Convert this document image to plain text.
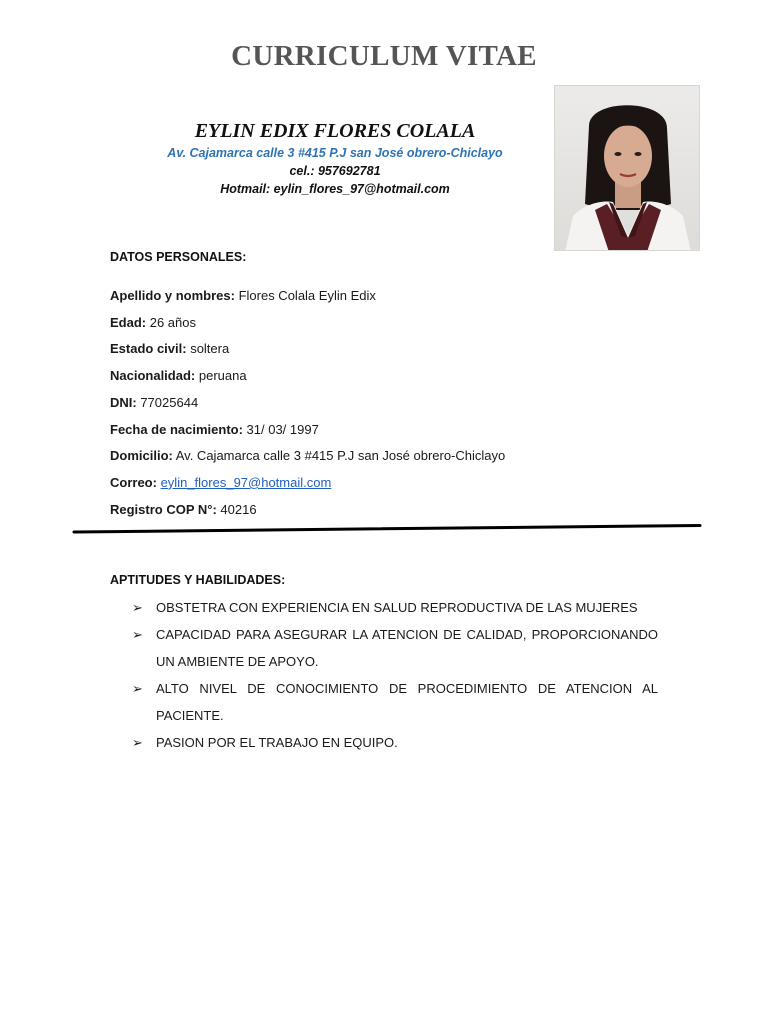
CURRICULUM VITAE
EYLIN EDIX FLORES COLALA
Av. Cajamarca calle 3 #415 P.J san José obrero-Chiclayo
cel.: 957692781
Hotmail: eylin_flores_97@hotmail.com
DATOS PERSONALES:
Apellido y nombres: Flores Colala Eylin Edix
Edad: 26 años
Estado civil: soltera
Nacionalidad: peruana
DNI: 77025644
Fecha de nacimiento: 31/ 03/ 1997
Domicilio: Av. Cajamarca calle 3 #415 P.J san José obrero-Chiclayo
Correo: eylin_flores_97@hotmail.com
Registro COP N°: 40216
APTITUDES Y HABILIDADES:
➢	OBSTETRA CON EXPERIENCIA EN SALUD REPRODUCTIVA DE LAS MUJERES
➢	CAPACIDAD PARA ASEGURAR LA ATENCION DE CALIDAD, PROPORCIONANDO UN AMBIENTE DE APOYO.
➢	ALTO NIVEL DE CONOCIMIENTO DE PROCEDIMIENTO DE ATENCION AL PACIENTE.
➢	PASION POR EL TRABAJO EN EQUIPO.
